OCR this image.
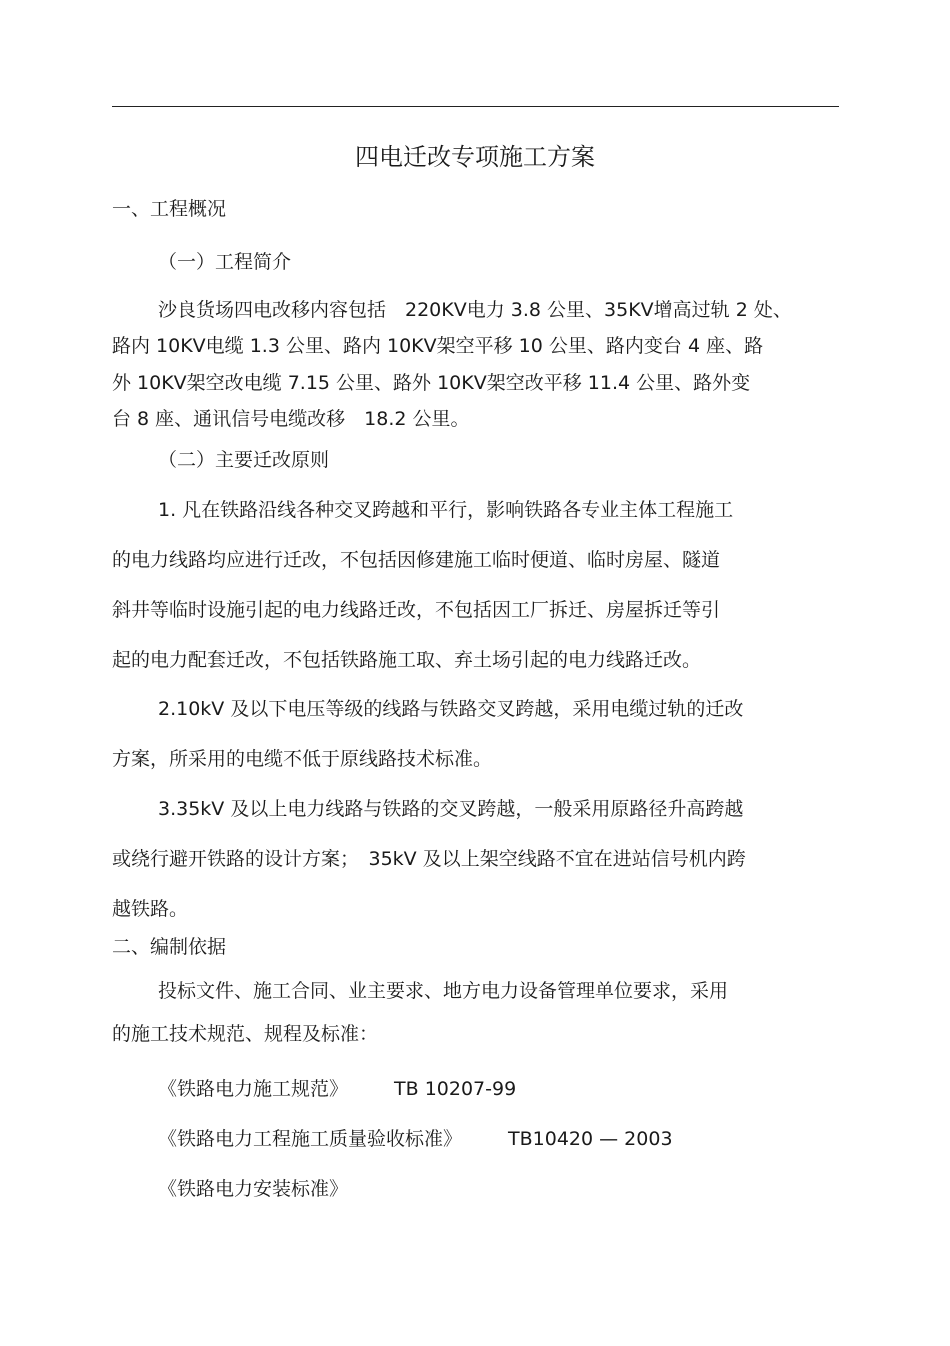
四电迁改专项施工方案
一、工程概况
（一）工程简介
沙良货场四电改移内容包括　220KV电力 3.8 公里、35KV增高过轨 2 处、
路内 10KV电缆 1.3 公里、路内 10KV架空平移 10 公里、路内变台 4 座、路
外 10KV架空改电缆 7.15 公里、路外 10KV架空改平移 11.4 公里、路外变
台 8 座、通讯信号电缆改移　18.2 公里。
（二）主要迁改原则
1. 凡在铁路沿线各种交叉跨越和平行，影响铁路各专业主体工程施工
的电力线路均应进行迁改，不包括因修建施工临时便道、临时房屋、隧道
斜井等临时设施引起的电力线路迁改，不包括因工厂拆迁、房屋拆迁等引
起的电力配套迁改，不包括铁路施工取、弃土场引起的电力线路迁改。
2.10kV 及以下电压等级的线路与铁路交叉跨越，采用电缆过轨的迁改
方案，所采用的电缆不低于原线路技术标准。
3.35kV 及以上电力线路与铁路的交叉跨越，一般采用原路径升高跨越
或绕行避开铁路的设计方案；　35kV 及以上架空线路不宜在进站信号机内跨
越铁路。
二、编制依据
投标文件、施工合同、业主要求、地方电力设备管理单位要求，采用
的施工技术规范、规程及标准：
《铁路电力施工规范》 TB 10207-99
《铁路电力工程施工质量验收标准》 TB10420 — 2003
《铁路电力安装标准》
